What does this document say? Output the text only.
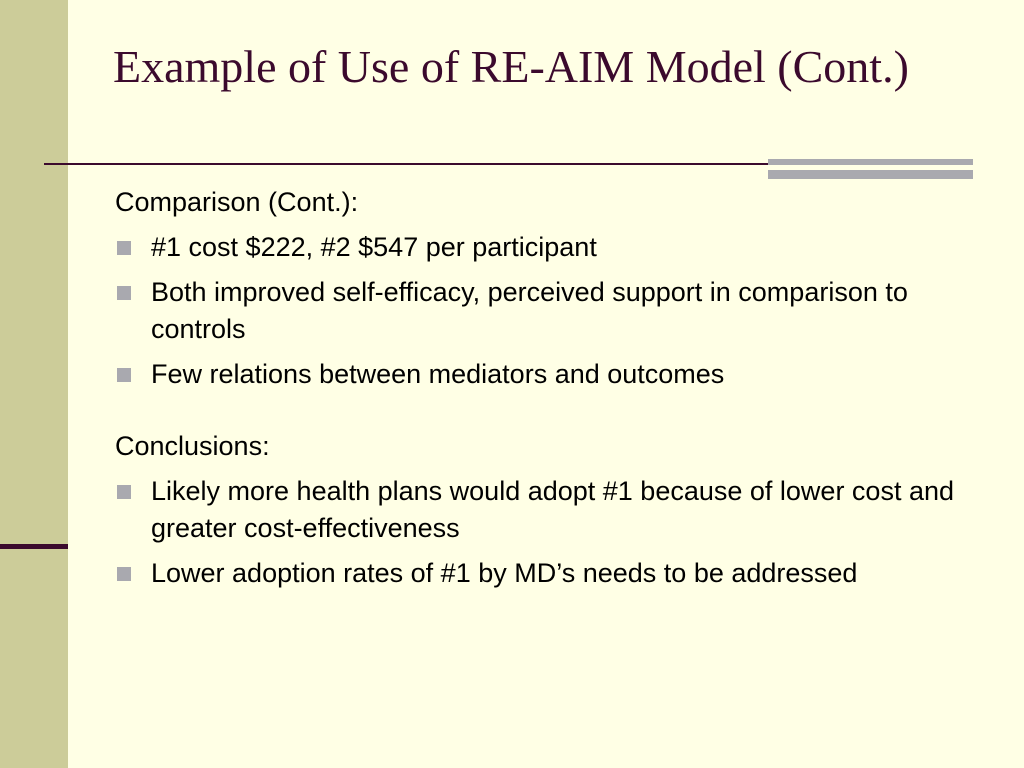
Example of Use of RE-AIM Model (Cont.)

Comparison (Cont.):

#1 cost $222, #2 $547 per participant
Both improved self-efficacy, perceived support in comparison to controls
Few relations between mediators and outcomes

Conclusions:

Likely more health plans would adopt #1 because of lower cost and greater cost-effectiveness
Lower adoption rates of #1 by MD’s needs to be addressed
